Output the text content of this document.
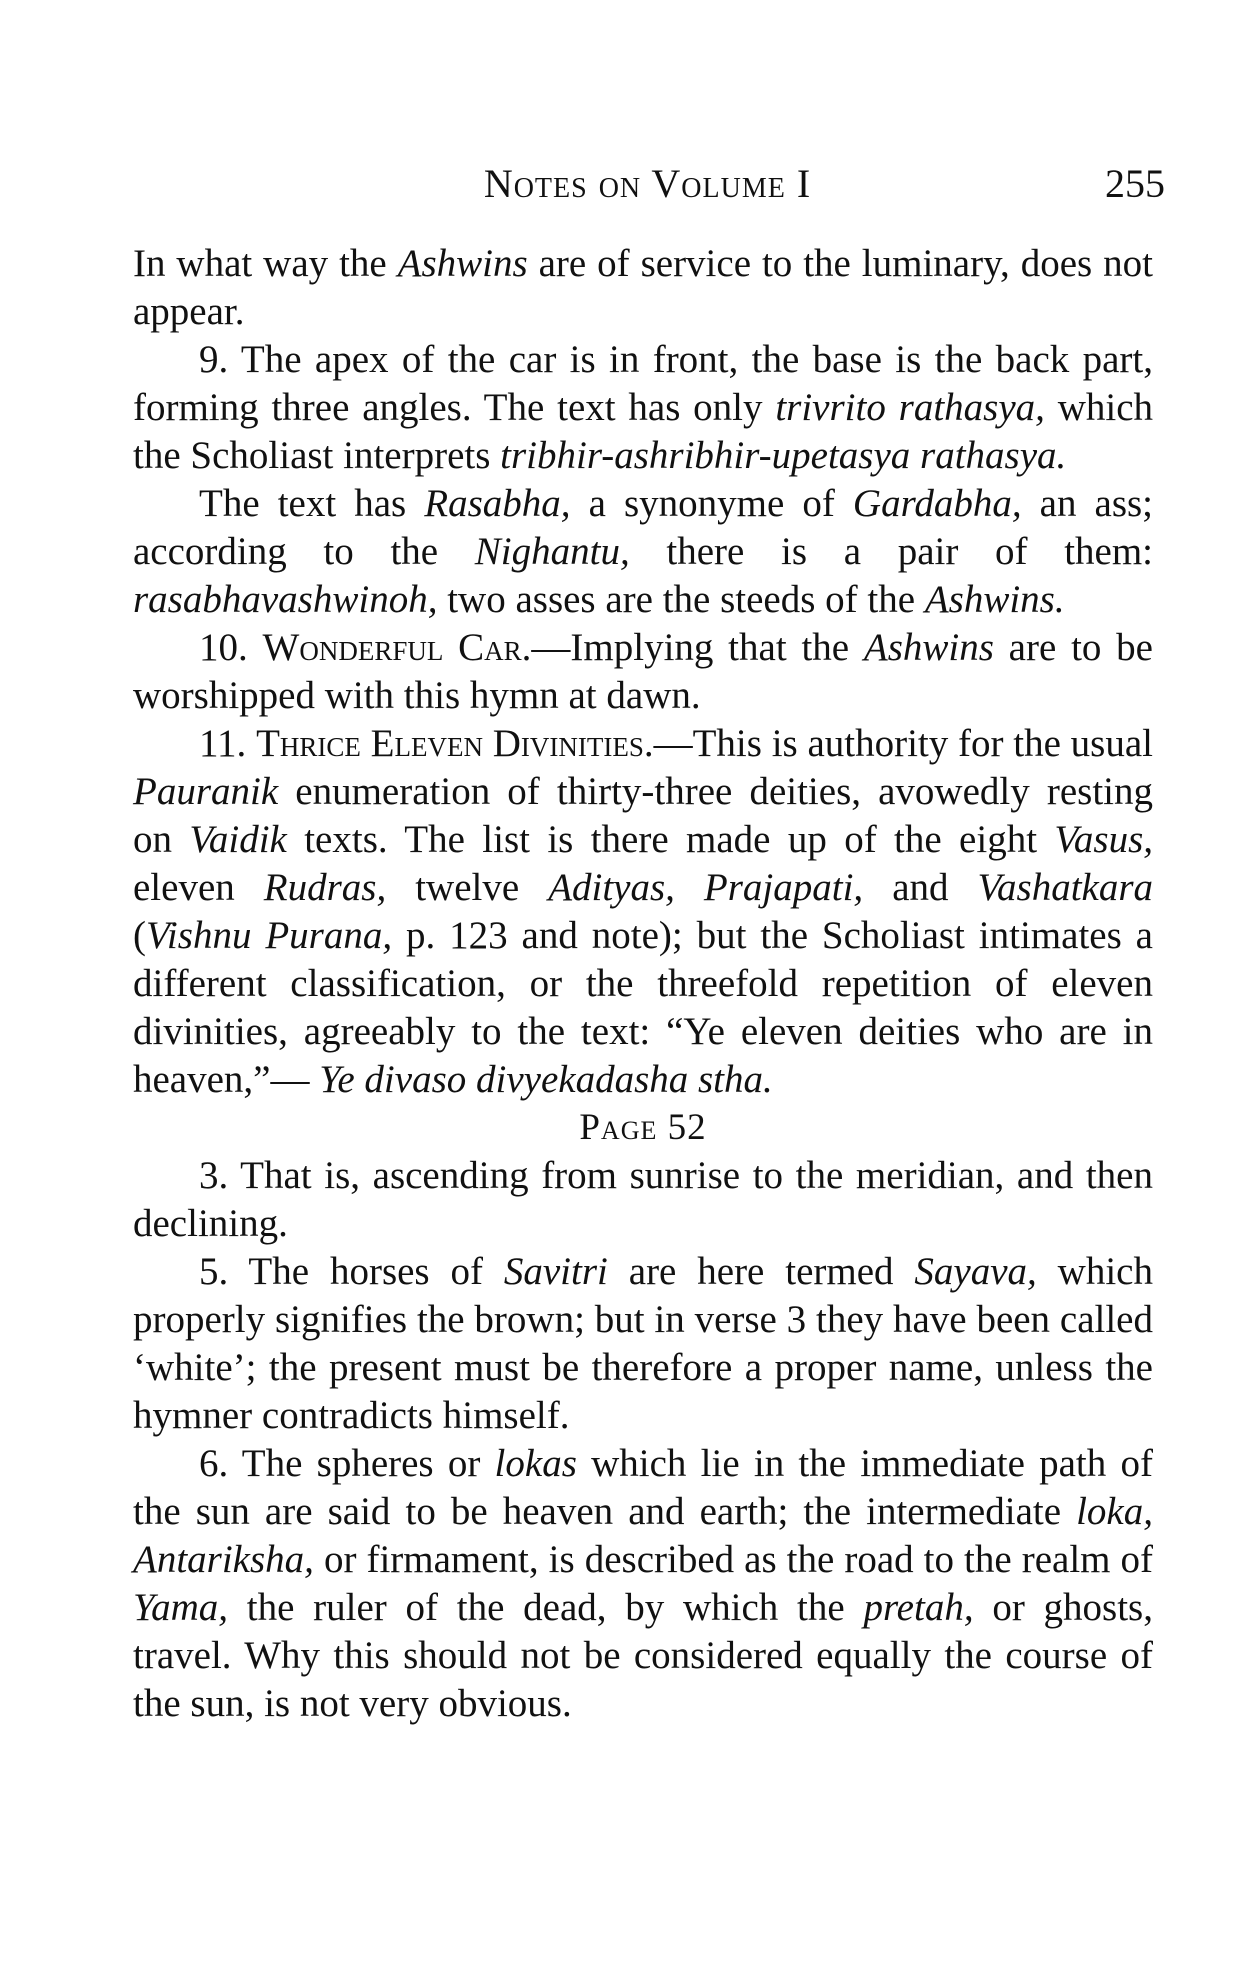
Notes on Volume I	255

In what way the Ashwins are of service to the luminary, does not appear.

9. The apex of the car is in front, the base is the back part, forming three angles. The text has only trivrito rathasya, which the Scholiast interprets tribhir-ashribhir-upetasya rathasya.

The text has Rasabha, a synonyme of Gardabha, an ass; according to the Nighantu, there is a pair of them: rasabhavashwinoh, two asses are the steeds of the Ashwins.

10. Wonderful Car.—Implying that the Ashwins are to be worshipped with this hymn at dawn.

11. Thrice Eleven Divinities.—This is authority for the usual Pauranik enumeration of thirty-three deities, avowedly resting on Vaidik texts. The list is there made up of the eight Vasus, eleven Rudras, twelve Adityas, Prajapati, and Vashatkara (Vishnu Purana, p. 123 and note); but the Scholiast intimates a different classification, or the threefold repetition of eleven divinities, agreeably to the text: “Ye eleven deities who are in heaven,”— Ye divaso divyekadasha stha.

Page 52

3. That is, ascending from sunrise to the meridian, and then declining.

5. The horses of Savitri are here termed Sayava, which properly signifies the brown; but in verse 3 they have been called ‘white’; the present must be therefore a proper name, unless the hymner contradicts himself.

6. The spheres or lokas which lie in the immediate path of the sun are said to be heaven and earth; the intermediate loka, Antariksha, or firmament, is described as the road to the realm of Yama, the ruler of the dead, by which the pretah, or ghosts, travel. Why this should not be considered equally the course of the sun, is not very obvious.
